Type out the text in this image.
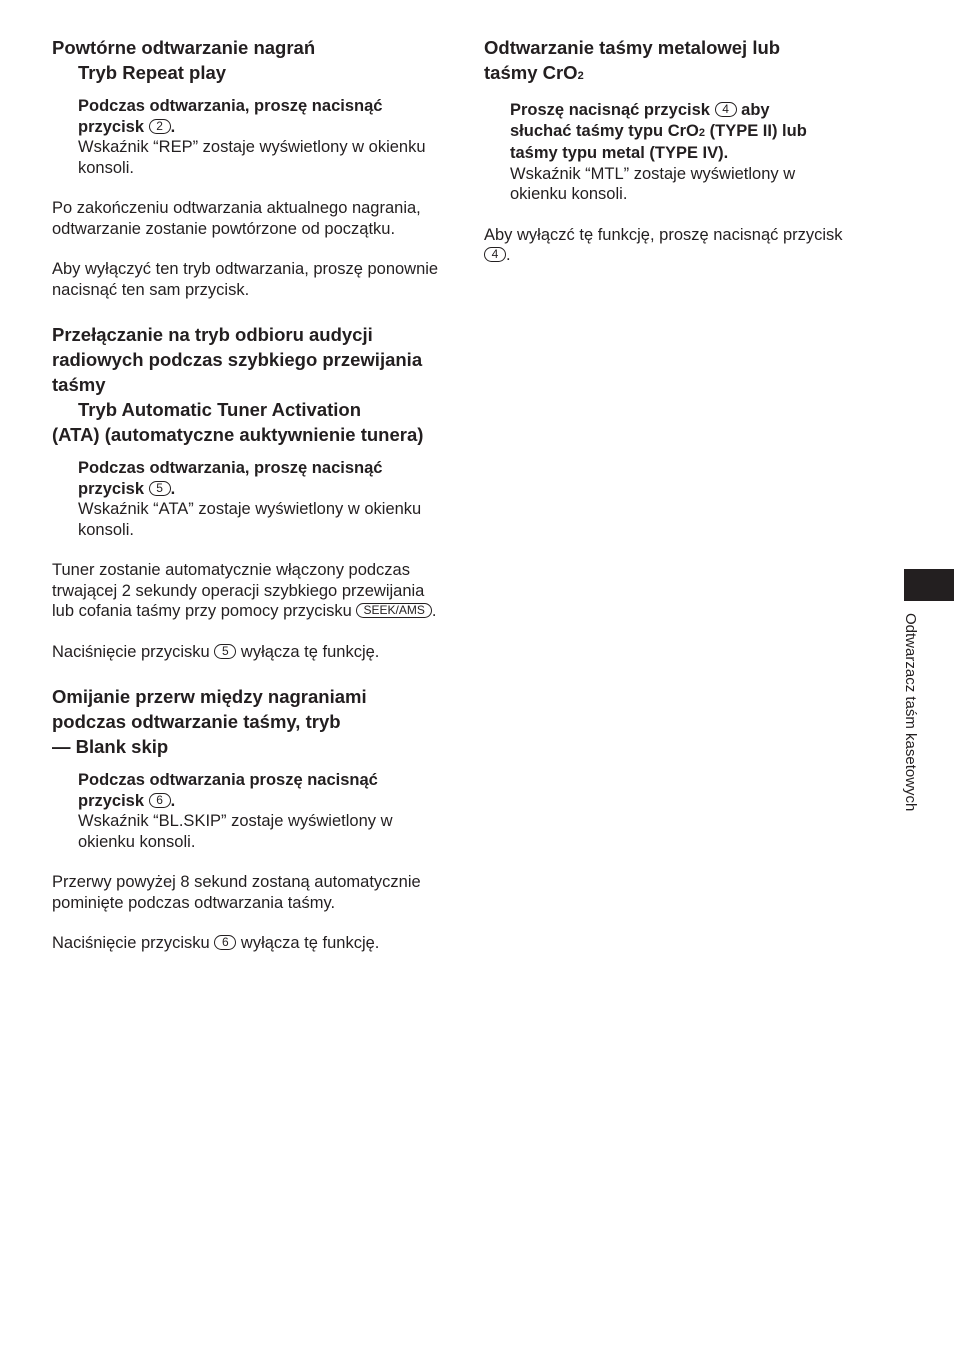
Powtórne odtwarzanie nagrań
Tryb Repeat play
Podczas odtwarzania, proszę nacisnąć
przycisk 2 .
Wskaźnik “REP” zostaje wyświetlony w okienku konsoli.

Po zakończeniu odtwarzania aktualnego nagrania, odtwarzanie zostanie powtórzone od początku.

Aby wyłączyć ten tryb odtwarzania, proszę ponownie nacisnąć ten sam przycisk.

Przełączanie na tryb odbioru audycji radiowych podczas szybkiego przewijania taśmy
Tryb Automatic Tuner Activation
(ATA) (automatyczne auktywnienie tunera)
Podczas odtwarzania, proszę nacisnąć
przycisk 5 .
Wskaźnik “ATA” zostaje wyświetlony w okienku konsoli.

Tuner zostanie automatycznie włączony podczas trwającej 2 sekundy operacji szybkiego przewijania lub cofania taśmy przy pomocy przycisku SEEK/AMS .

Naciśnięcie przycisku 5 wyłącza tę funkcję.

Omijanie przerw między nagraniami podczas odtwarzanie taśmy, tryb
— Blank skip
Podczas odtwarzania proszę nacisnąć
przycisk 6 .
Wskaźnik “BL.SKIP” zostaje wyświetlony w okienku konsoli.

Przerwy powyżej 8 sekund zostaną automatycznie pominięte podczas odtwarzania taśmy.

Naciśnięcie przycisku 6 wyłącza tę funkcję.

Odtwarzanie taśmy metalowej lub
taśmy CrO2
Proszę nacisnąć przycisk 4 aby
słuchać taśmy typu CrO2 (TYPE II) lub taśmy typu metal (TYPE IV).
Wskaźnik “MTL” zostaje wyświetlony w okienku konsoli.

Aby wyłączć tę funkcję, proszę nacisnąć przycisk 4 .

Odtwarzacz taśm kasetowych
